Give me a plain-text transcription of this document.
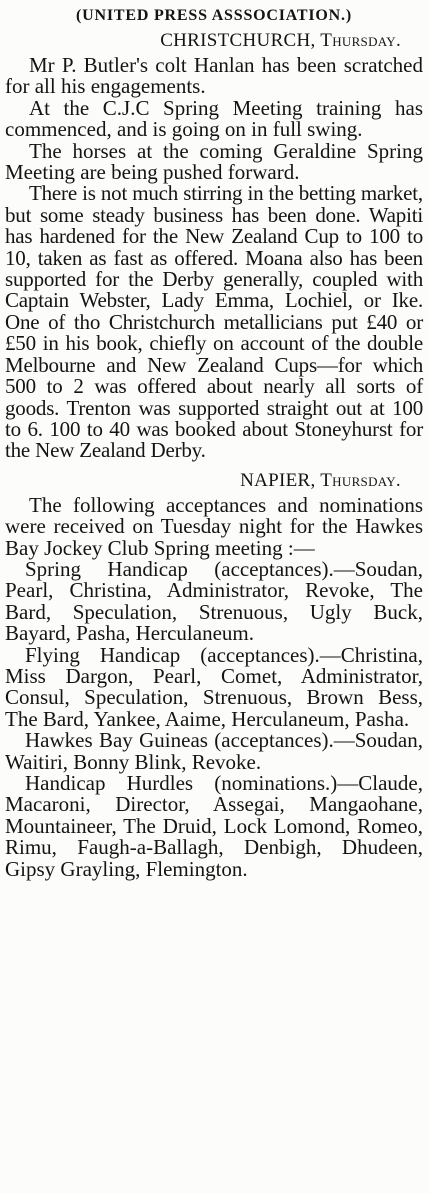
(UNITED PRESS ASSSOCIATION.)
CHRISTCHURCH, Thursday.

Mr P. Butler's colt Hanlan has been scratched for all his engagements.

At the C.J.C Spring Meeting training has commenced, and is going on in full swing.

The horses at the coming Geraldine Spring Meeting are being pushed forward.

There is not much stirring in the betting market, but some steady business has been done. Wapiti has hardened for the New Zealand Cup to 100 to 10, taken as fast as offered. Moana also has been supported for the Derby generally, coupled with Captain Webster, Lady Emma, Lochiel, or Ike. One of tho Christchurch metallicians put £40 or £50 in his book, chiefly on account of the double Melbourne and New Zealand Cups—for which 500 to 2 was offered about nearly all sorts of goods. Trenton was supported straight out at 100 to 6. 100 to 40 was booked about Stoneyhurst for the New Zealand Derby.

NAPIER, Thursday.

The following acceptances and nominations were received on Tuesday night for the Hawkes Bay Jockey Club Spring meeting :—

Spring Handicap (acceptances).—Soudan, Pearl, Christina, Administrator, Revoke, The Bard, Speculation, Strenuous, Ugly Buck, Bayard, Pasha, Herculaneum.

Flying Handicap (acceptances).—Christina, Miss Dargon, Pearl, Comet, Administrator, Consul, Speculation, Strenuous, Brown Bess, The Bard, Yankee, Aaime, Herculaneum, Pasha.

Hawkes Bay Guineas (acceptances).—Soudan, Waitiri, Bonny Blink, Revoke.

Handicap Hurdles (nominations.)—Claude, Macaroni, Director, Assegai, Mangaohane, Mountaineer, The Druid, Lock Lomond, Romeo, Rimu, Faugh-a-Ballagh, Denbigh, Dhudeen, Gipsy Grayling, Flemington.
